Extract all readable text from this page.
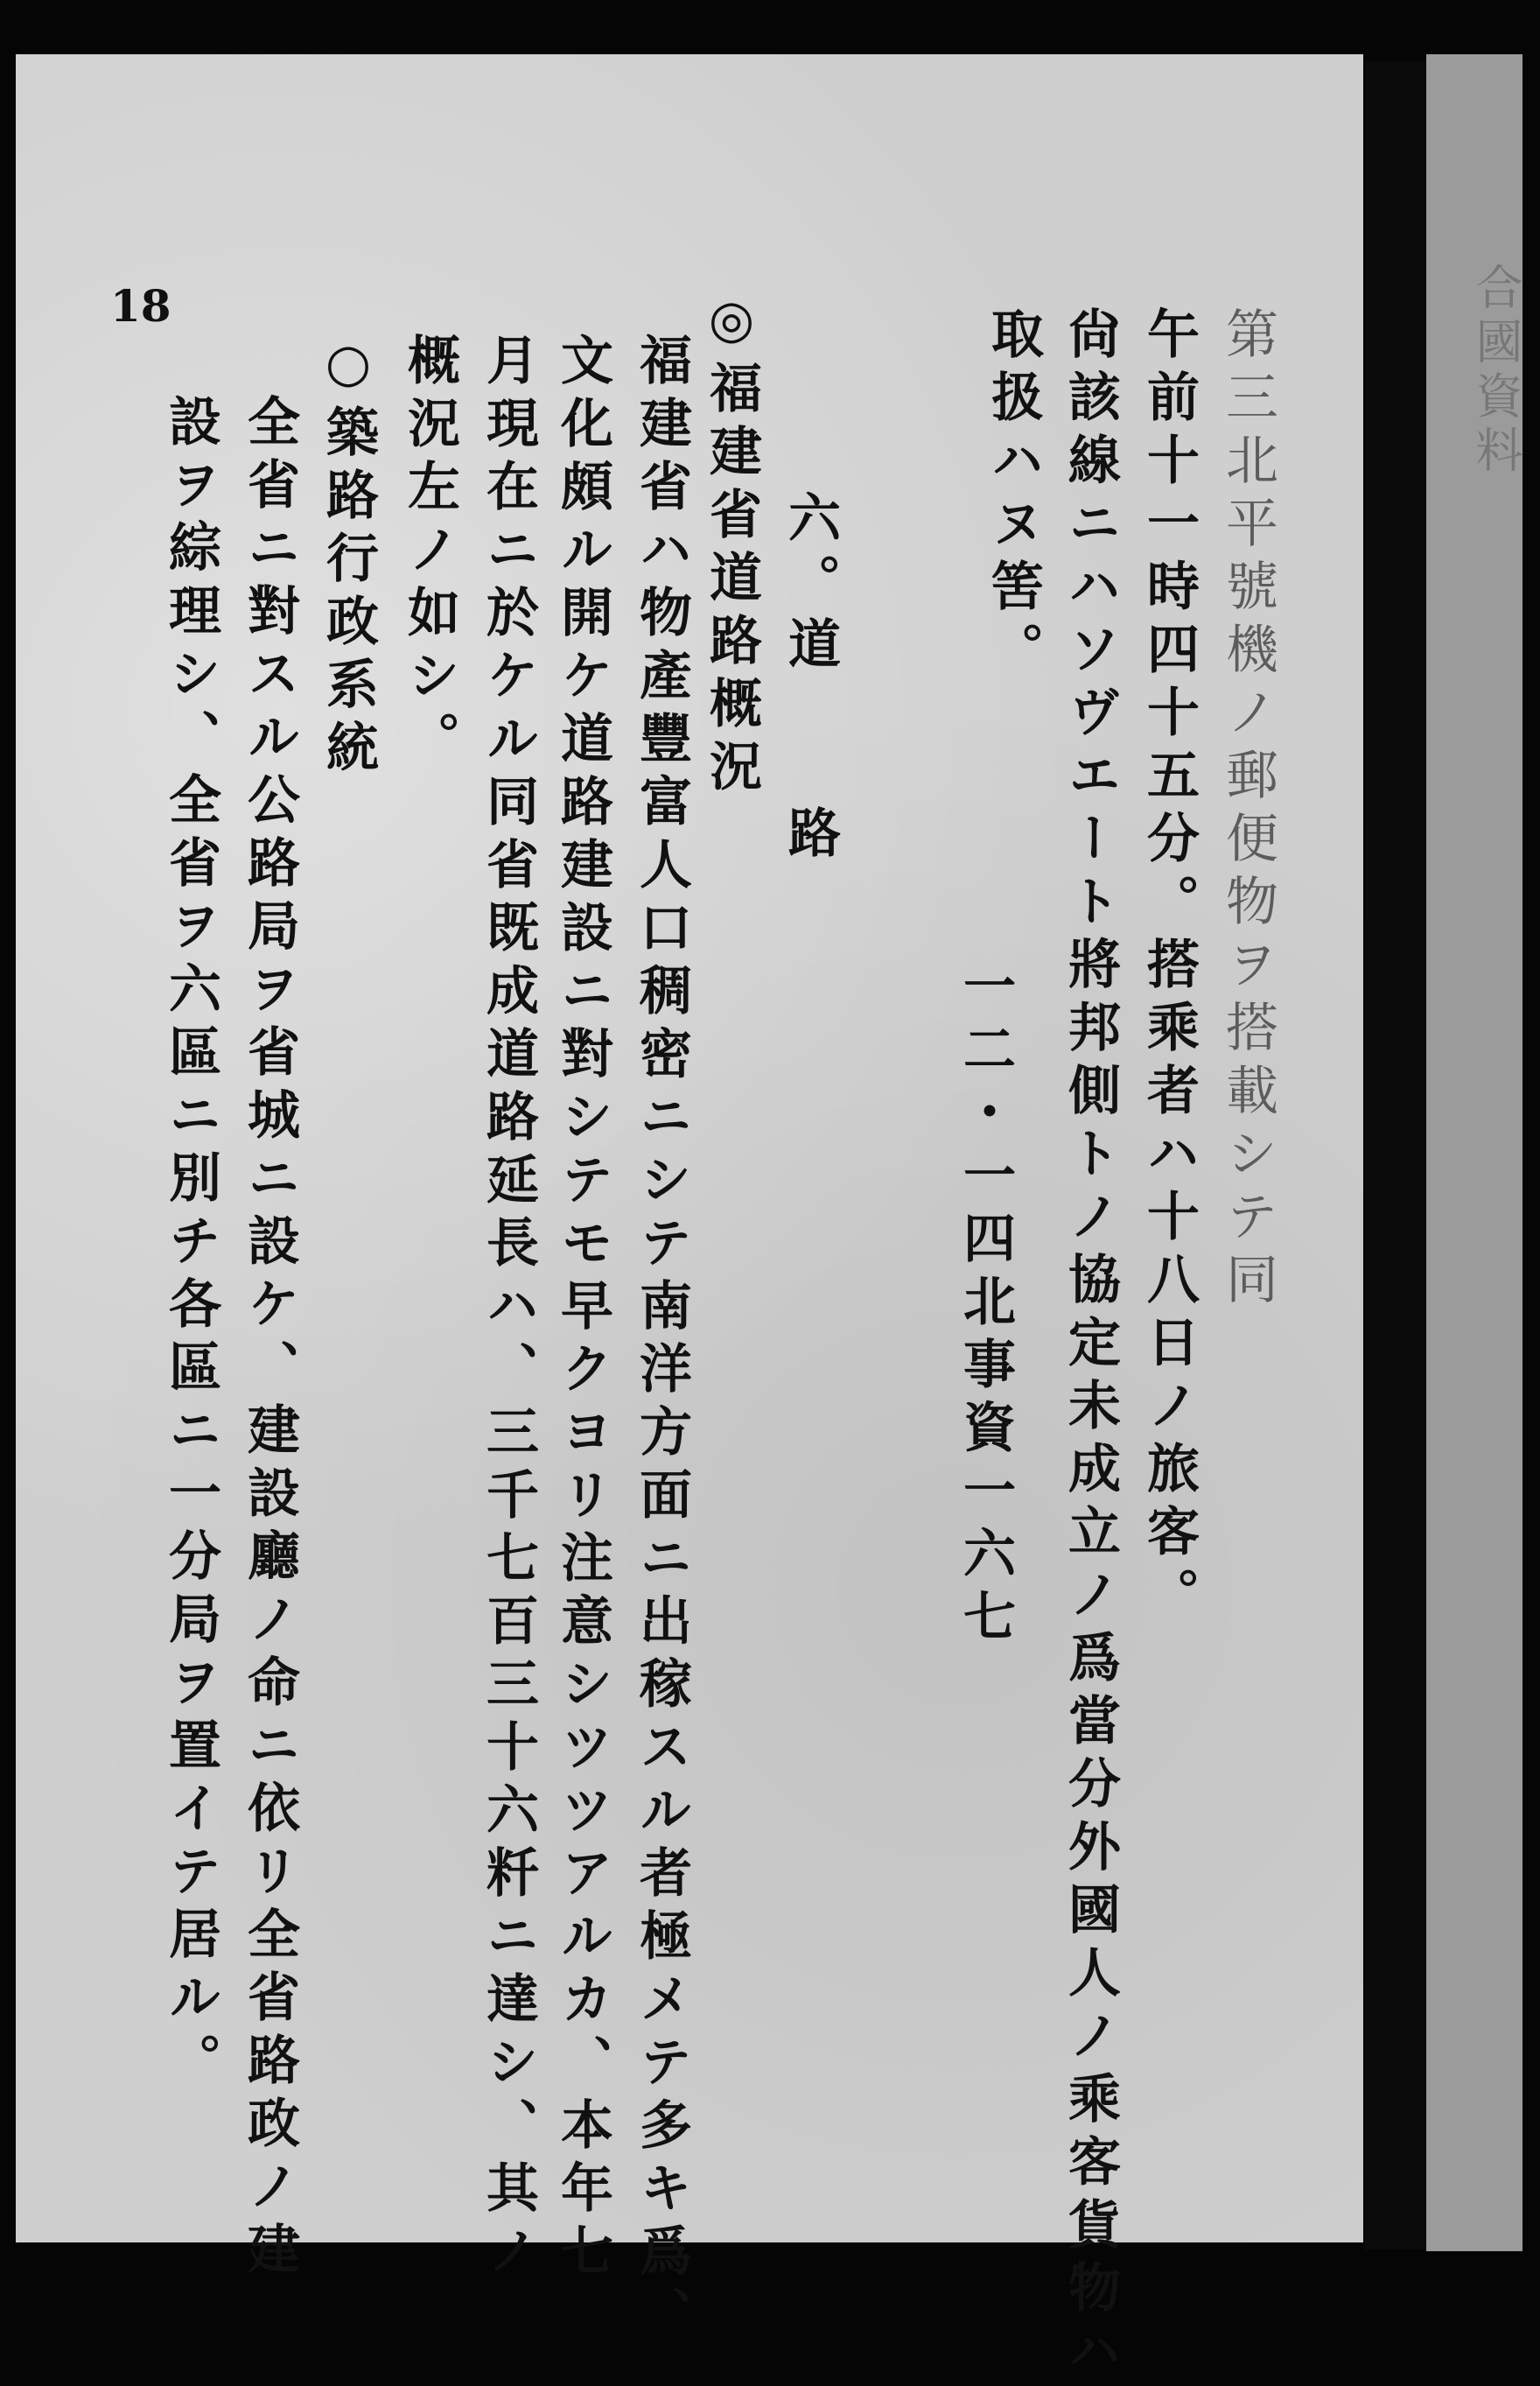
合國資料
18
第三北平號機ノ郵便物ヲ搭載シテ同
午前十一時四十五分。搭乘者ハ十八日ノ旅客。
尙該線ニハソヴエート將邦側トノ協定未成立ノ爲當分外國人ノ乘客貨物ハ
取扱ハヌ筈。
一二・一四北事資一六七
六。道　　路
◎福建省道路概況
福建省ハ物產豐富人口稠密ニシテ南洋方面ニ出稼スル者極メテ多キ爲、
文化頗ル開ケ道路建設ニ對シテモ早クヨリ注意シツツアルカ、本年七
月現在ニ於ケル同省既成道路延長ハ、三千七百三十六粁ニ達シ、其ノ
概況左ノ如シ。
○築路行政系統
全省ニ對スル公路局ヲ省城ニ設ケ、建設廳ノ命ニ依リ全省路政ノ建
設ヲ綜理シ、全省ヲ六區ニ別チ各區ニ一分局ヲ置イテ居ル。
